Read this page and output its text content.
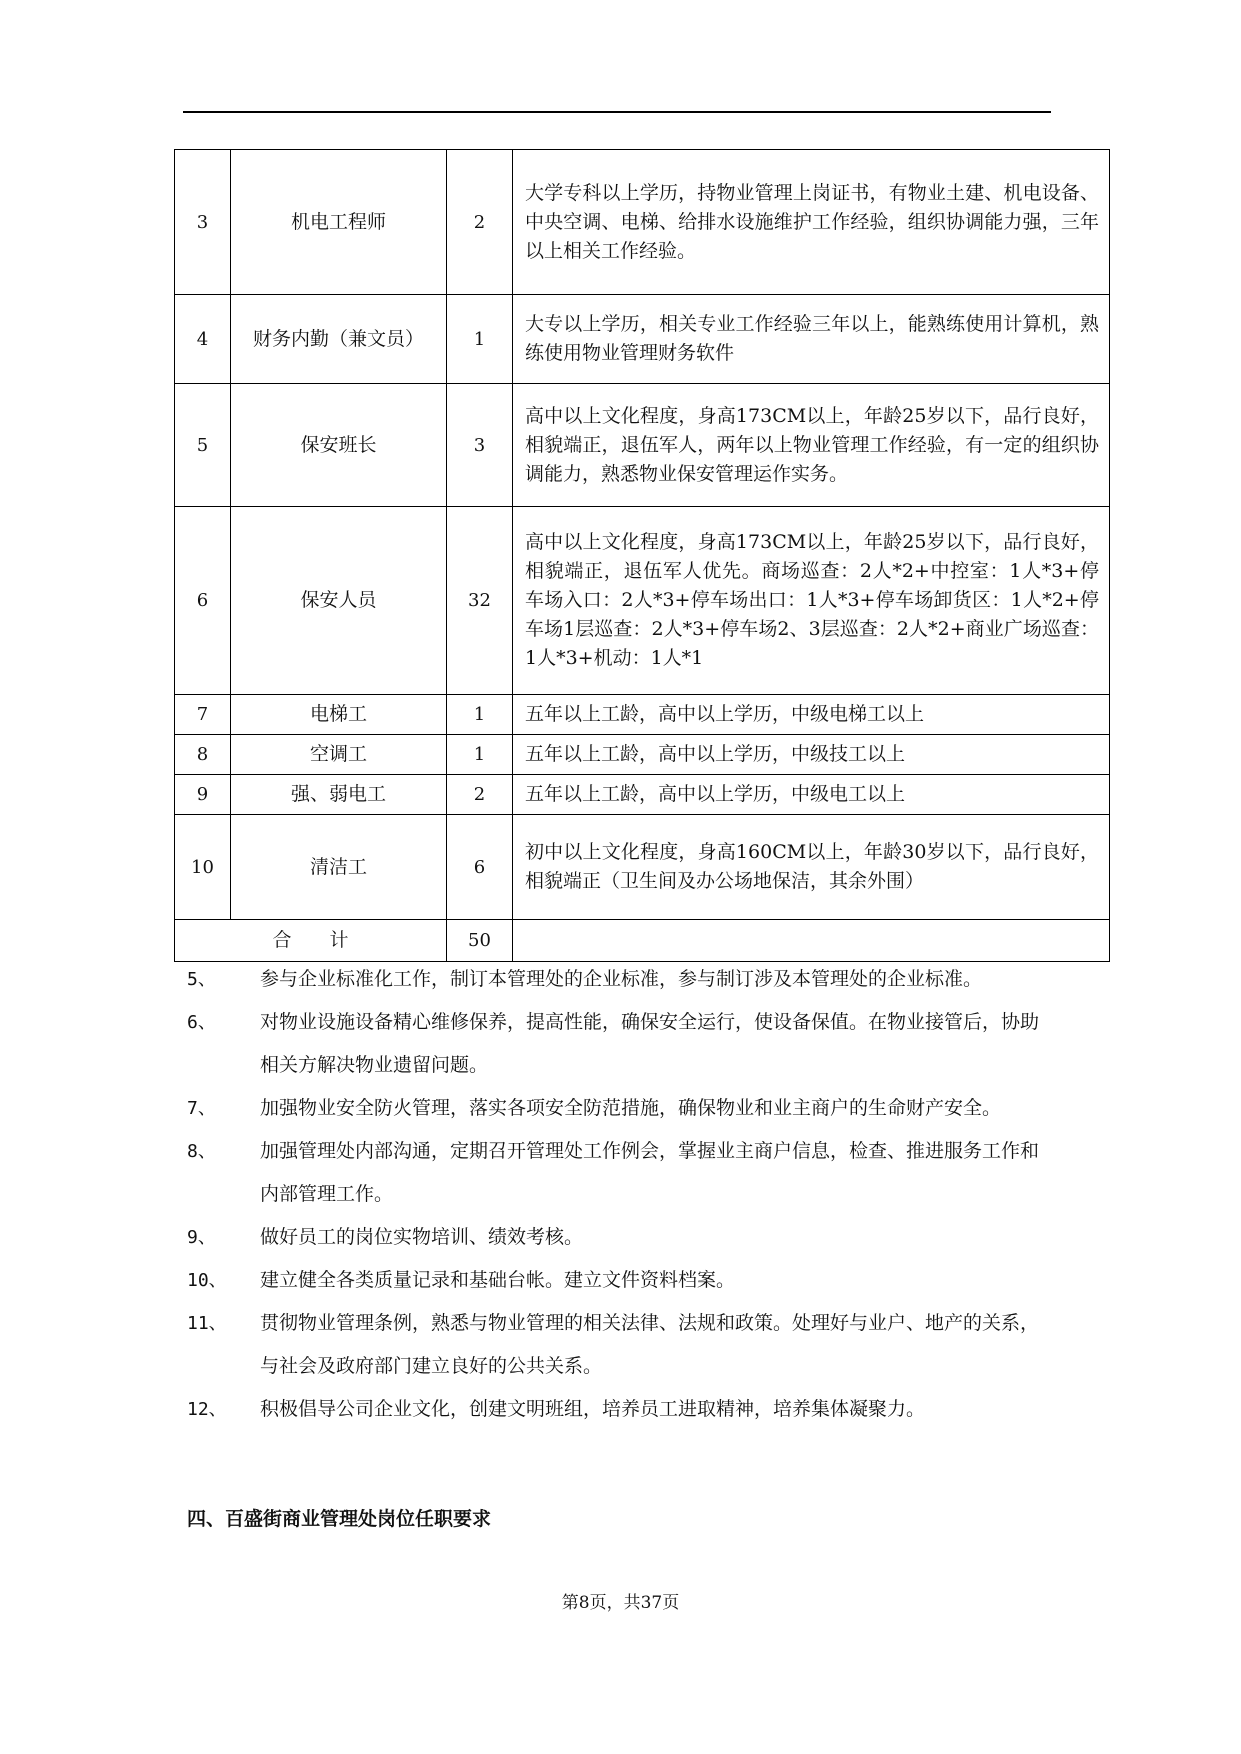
3	机电工程师	2	大学专科以上学历，持物业管理上岗证书，有物业土建、机电设备、中央空调、电梯、给排水设施维护工作经验，组织协调能力强，三年以上相关工作经验。
4	财务内勤（兼文员）	1	大专以上学历，相关专业工作经验三年以上，能熟练使用计算机，熟练使用物业管理财务软件
5	保安班长	3	高中以上文化程度，身高173CM以上，年龄25岁以下，品行良好，相貌端正，退伍军人，两年以上物业管理工作经验，有一定的组织协调能力，熟悉物业保安管理运作实务。
6	保安人员	32	高中以上文化程度，身高173CM以上，年龄25岁以下，品行良好，相貌端正，退伍军人优先。商场巡查：2人*2+中控室：1人*3+停车场入口：2人*3+停车场出口：1人*3+停车场卸货区：1人*2+停车场1层巡查：2人*3+停车场2、3层巡查：2人*2+商业广场巡查：1人*3+机动：1人*1
7	电梯工	1	五年以上工龄，高中以上学历，中级电梯工以上
8	空调工	1	五年以上工龄，高中以上学历，中级技工以上
9	强、弱电工	2	五年以上工龄，高中以上学历，中级电工以上
10	清洁工	6	初中以上文化程度，身高160CM以上，年龄30岁以下，品行良好，相貌端正（卫生间及办公场地保洁，其余外围）
合　　计		50	
5、 参与企业标准化工作，制订本管理处的企业标准，参与制订涉及本管理处的企业标准。
6、 对物业设施设备精心维修保养，提高性能，确保安全运行，使设备保值。在物业接管后，协助相关方解决物业遗留问题。
7、 加强物业安全防火管理，落实各项安全防范措施，确保物业和业主商户的生命财产安全。
8、 加强管理处内部沟通，定期召开管理处工作例会，掌握业主商户信息，检查、推进服务工作和内部管理工作。
9、 做好员工的岗位实物培训、绩效考核。
10、 建立健全各类质量记录和基础台帐。建立文件资料档案。
11、 贯彻物业管理条例，熟悉与物业管理的相关法律、法规和政策。处理好与业户、地产的关系，与社会及政府部门建立良好的公共关系。
12、 积极倡导公司企业文化，创建文明班组，培养员工进取精神，培养集体凝聚力。
四、百盛街商业管理处岗位任职要求
第8页，共37页
